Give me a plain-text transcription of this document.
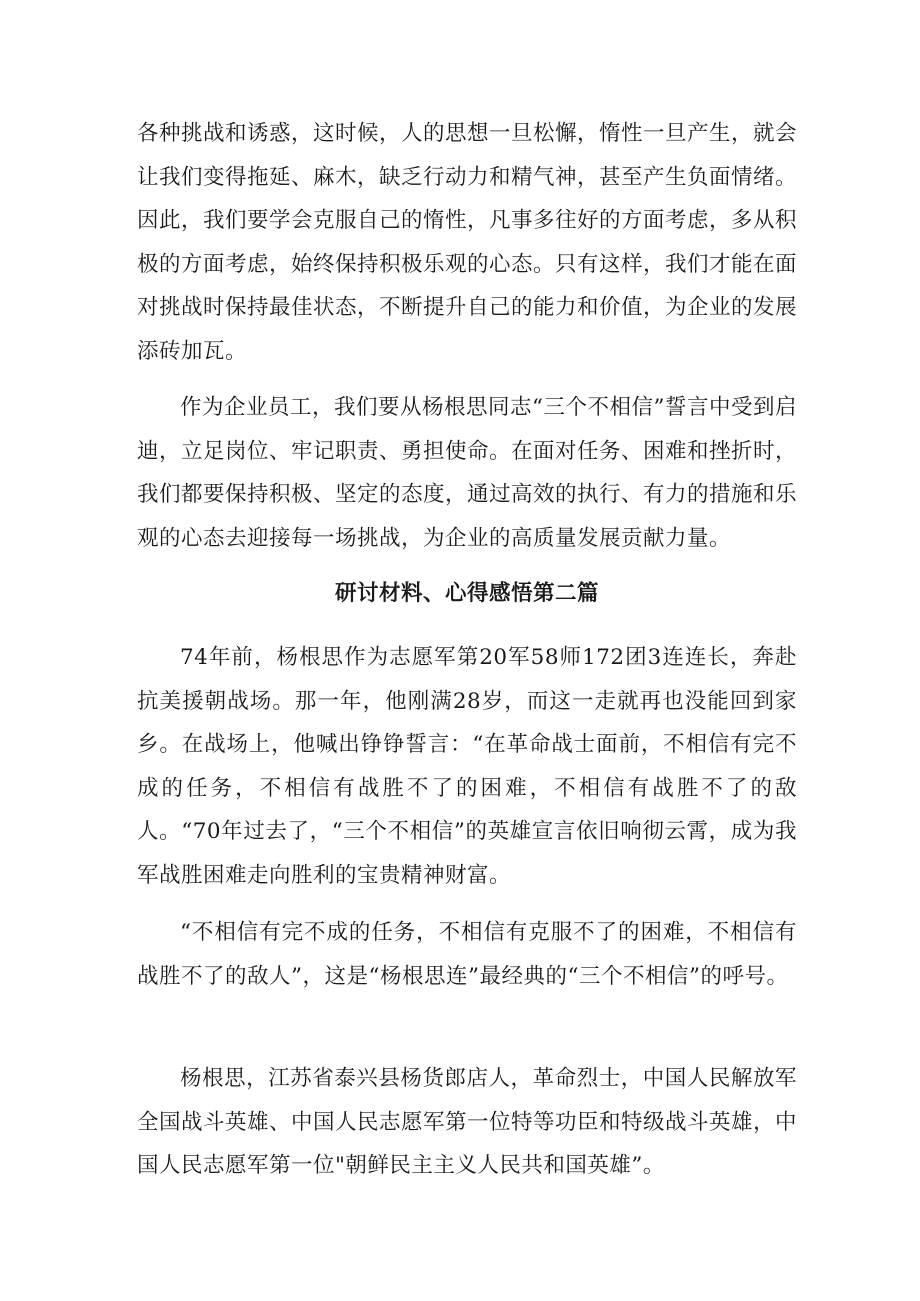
各种挑战和诱惑，这时候，人的思想一旦松懈，惰性一旦产生，就会让我们变得拖延、麻木，缺乏行动力和精气神，甚至产生负面情绪。因此，我们要学会克服自己的惰性，凡事多往好的方面考虑，多从积极的方面考虑，始终保持积极乐观的心态。只有这样，我们才能在面对挑战时保持最佳状态，不断提升自己的能力和价值，为企业的发展添砖加瓦。

作为企业员工，我们要从杨根思同志“三个不相信”誓言中受到启迪，立足岗位、牢记职责、勇担使命。在面对任务、困难和挫折时，我们都要保持积极、坚定的态度，通过高效的执行、有力的措施和乐观的心态去迎接每一场挑战，为企业的高质量发展贡献力量。

研讨材料、心得感悟第二篇

74年前，杨根思作为志愿军第20军58师172团3连连长，奔赴抗美援朝战场。那一年，他刚满28岁，而这一走就再也没能回到家乡。在战场上，他喊出铮铮誓言：“在革命战士面前，不相信有完不成的任务，不相信有战胜不了的困难，不相信有战胜不了的敌人。“70年过去了，“三个不相信”的英雄宣言依旧响彻云霄，成为我军战胜困难走向胜利的宝贵精神财富。

“不相信有完不成的任务，不相信有克服不了的困难，不相信有战胜不了的敌人”，这是“杨根思连”最经典的“三个不相信”的呼号。

杨根思，江苏省泰兴县杨货郎店人，革命烈士，中国人民解放军全国战斗英雄、中国人民志愿军第一位特等功臣和特级战斗英雄，中国人民志愿军第一位"朝鲜民主主义人民共和国英雄”。
